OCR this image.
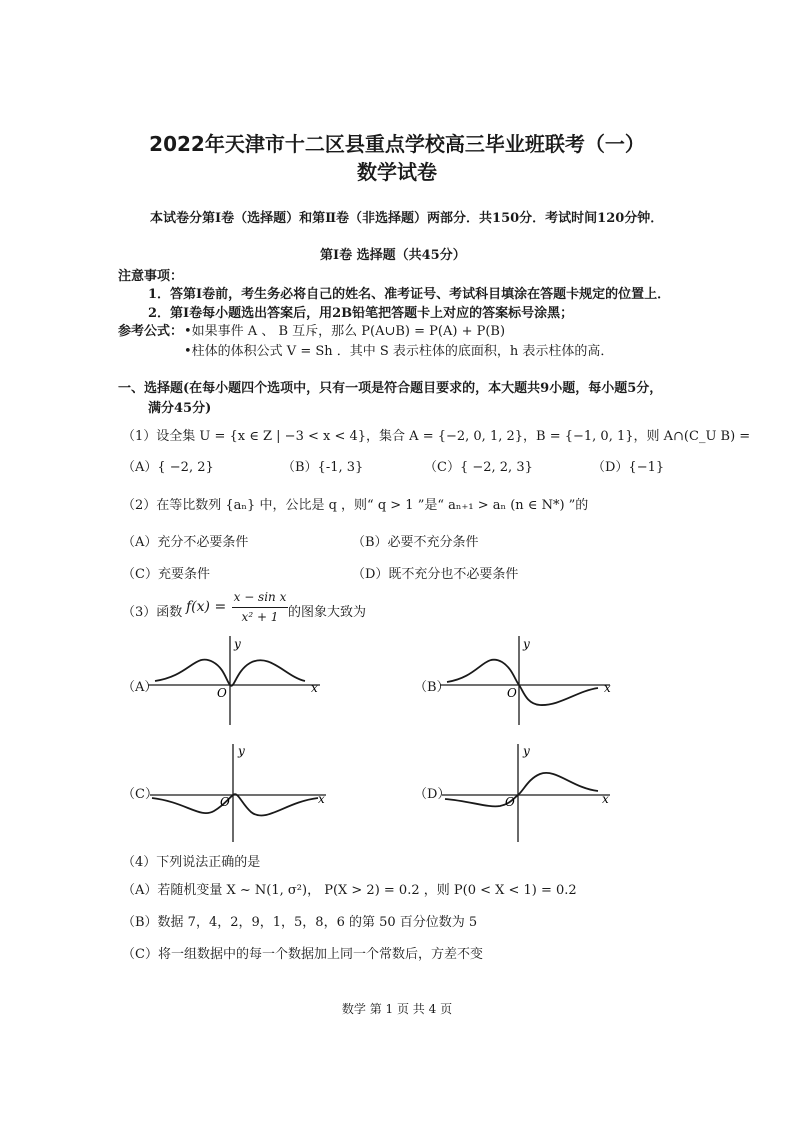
2022年天津市十二区县重点学校高三毕业班联考（一）
数学试卷
本试卷分第Ⅰ卷（选择题）和第Ⅱ卷（非选择题）两部分．共150分．考试时间120分钟．
第Ⅰ卷 选择题（共45分）
注意事项：
1．答第Ⅰ卷前，考生务必将自己的姓名、准考证号、考试科目填涂在答题卡规定的位置上．
2．第Ⅰ卷每小题选出答案后，用2B铅笔把答题卡上对应的答案标号涂黑；
参考公式： •如果事件 A 、 B 互斥，那么 P(A∪B) = P(A) + P(B)
•柱体的体积公式 V = Sh ．其中 S 表示柱体的底面积，h 表示柱体的高．
一、选择题(在每小题四个选项中，只有一项是符合题目要求的，本大题共9小题，每小题5分，
满分45分)
（1）设全集 U = {x ∈ Z | −3 < x < 4}，集合 A = {−2, 0, 1, 2}，B = {−1, 0, 1}，则 A∩(C_U B) =
（A）{ −2, 2}	（B）{-1, 3}	（C）{ −2, 2, 3}	（D）{−1}
（2）在等比数列 {aₙ} 中，公比是 q ，则“ q > 1 ”是“ aₙ₊₁ > aₙ (n ∈ N*) ”的
（A）充分不必要条件	（B）必要不充分条件
（C）充要条件	（D）既不充分也不必要条件
（3）函数 f(x) =
x − sin x
x² + 1 的图象大致为
（A）	（B）
（C）	（D）
y
x
O
y
x
O
y
x
O
y
x
O
（4）下列说法正确的是
（A）若随机变量 X ~ N(1, σ²)， P(X > 2) = 0.2 ，则 P(0 < X < 1) = 0.2
（B）数据 7，4，2，9，1，5，8，6 的第 50 百分位数为 5
（C）将一组数据中的每一个数据加上同一个常数后，方差不变
数学 第 1 页 共 4 页
